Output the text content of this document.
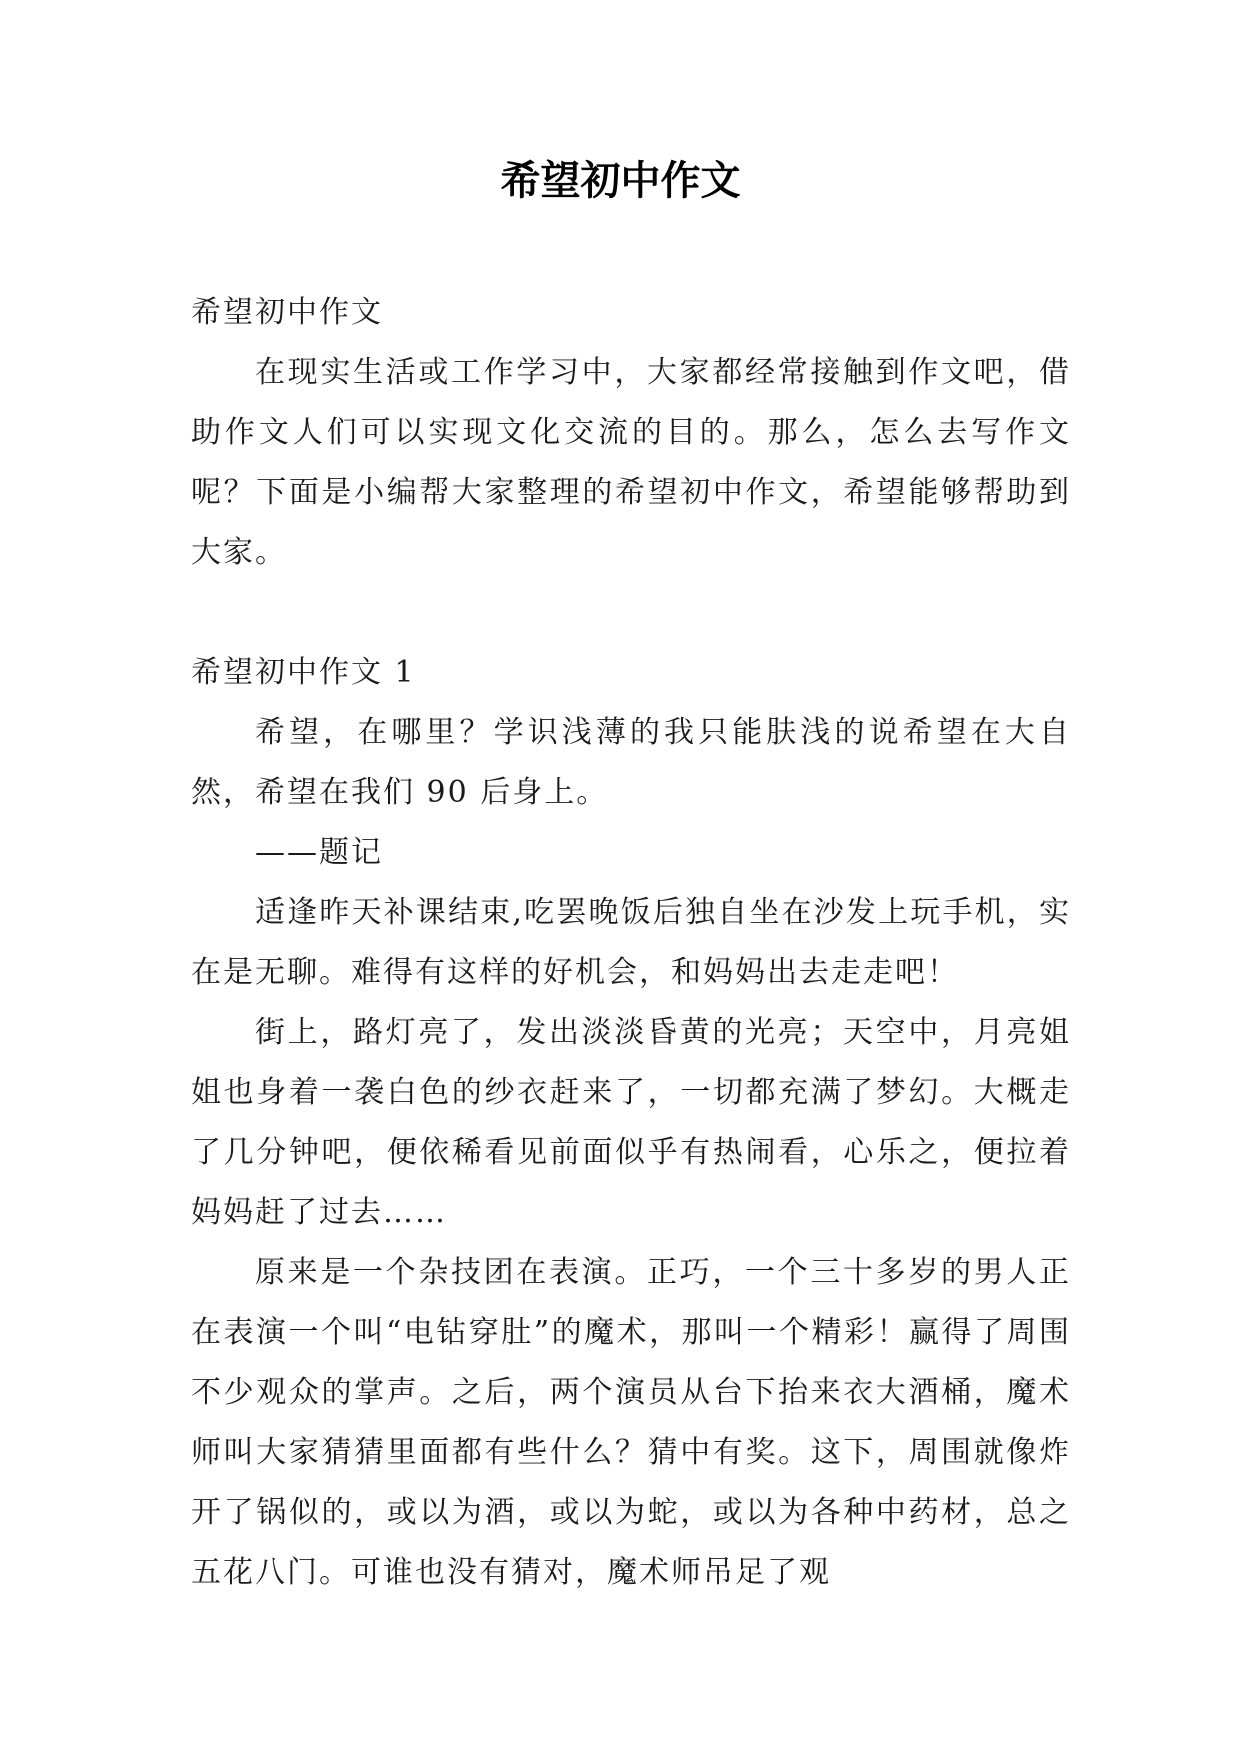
希望初中作文

希望初中作文

在现实生活或工作学习中，大家都经常接触到作文吧，借助作文人们可以实现文化交流的目的。那么，怎么去写作文呢？下面是小编帮大家整理的希望初中作文，希望能够帮助到大家。

希望初中作文 1

希望，在哪里？学识浅薄的我只能肤浅的说希望在大自然，希望在我们 90 后身上。

——题记

适逢昨天补课结束,吃罢晚饭后独自坐在沙发上玩手机，实在是无聊。难得有这样的好机会，和妈妈出去走走吧！

街上，路灯亮了，发出淡淡昏黄的光亮；天空中，月亮姐姐也身着一袭白色的纱衣赶来了，一切都充满了梦幻。大概走了几分钟吧，便依稀看见前面似乎有热闹看，心乐之，便拉着妈妈赶了过去……

原来是一个杂技团在表演。正巧，一个三十多岁的男人正在表演一个叫“电钻穿肚”的魔术，那叫一个精彩！赢得了周围不少观众的掌声。之后，两个演员从台下抬来衣大酒桶，魔术师叫大家猜猜里面都有些什么？猜中有奖。这下，周围就像炸开了锅似的，或以为酒，或以为蛇，或以为各种中药材，总之五花八门。可谁也没有猜对，魔术师吊足了观
